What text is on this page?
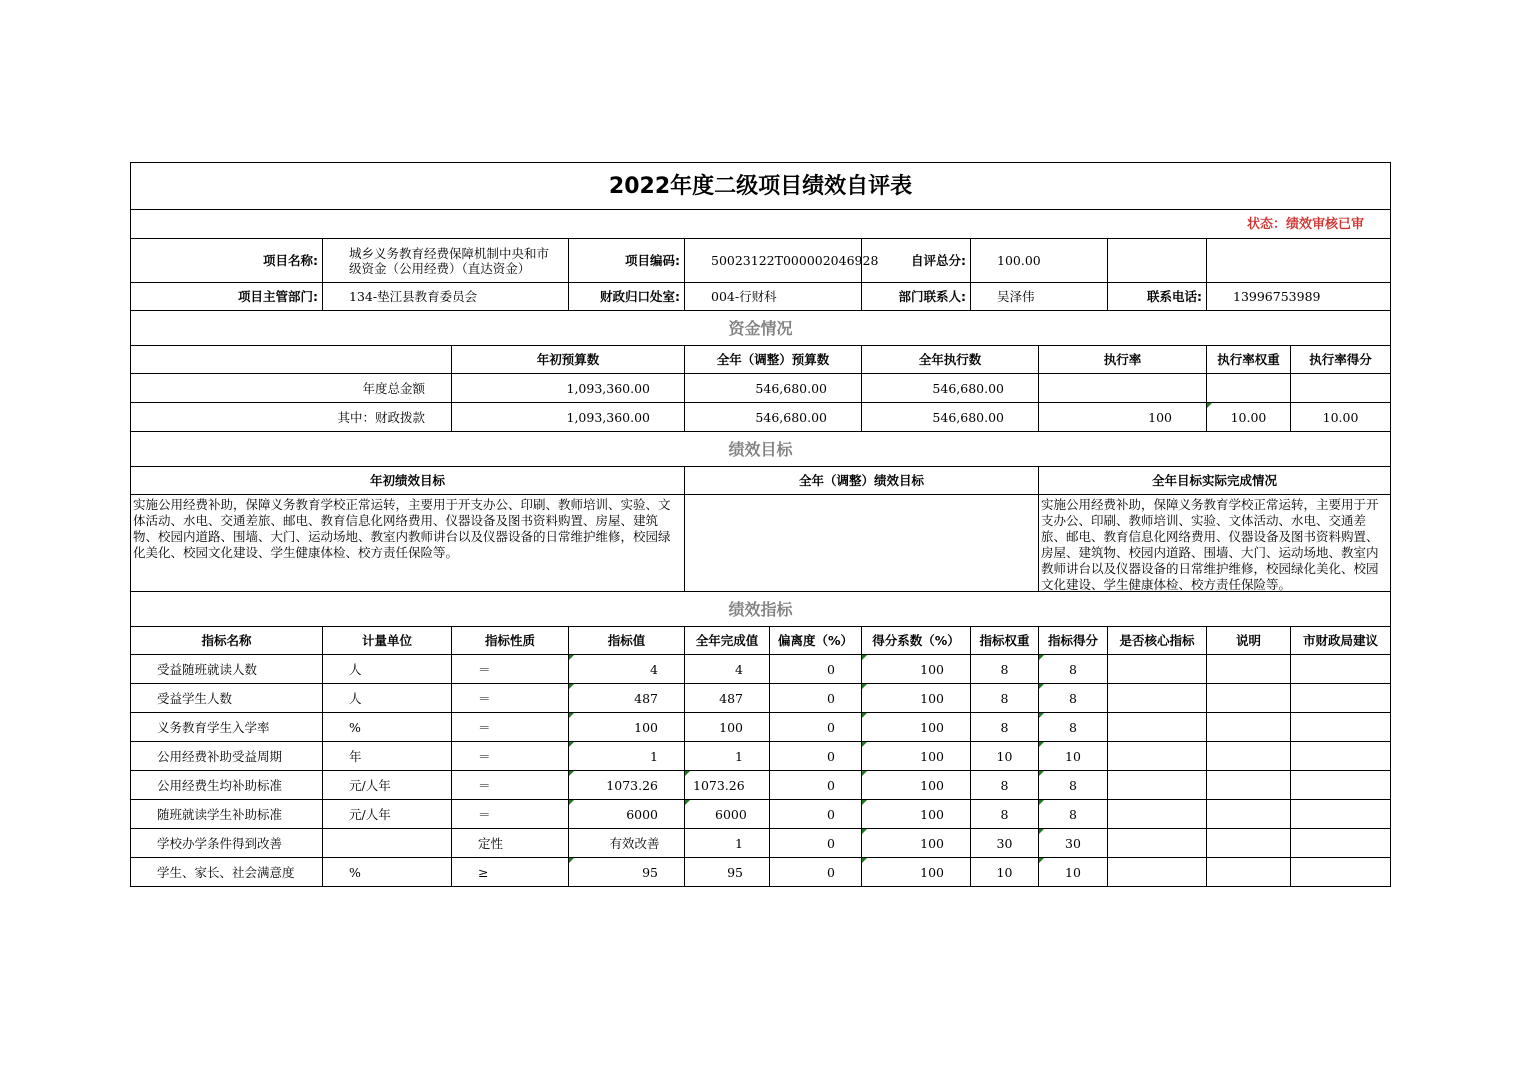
2022年度二级项目绩效自评表											
状态：绩效审核已审											
项目名称:	城乡义务教育经费保障机制中央和市级资金（公用经费）（直达资金）		项目编码:	50023122T000002046928		自评总分:	100.00				
项目主管部门:	134-垫江县教育委员会		财政归口处室:	004-行财科		部门联系人:	吴泽伟		联系电话:	13996753989	
资金情况											
		年初预算数		全年（调整）预算数		全年执行数		执行率		执行率权重	执行率得分
年度总金额		1,093,360.00		546,680.00		546,680.00					
其中：财政拨款		1,093,360.00		546,680.00		546,680.00		100		10.00	10.00
绩效目标											
年初绩效目标				全年（调整）绩效目标				全年目标实际完成情况			

实施公用经费补助，保障义务教育学校正常运转，主要用于开支办公、印刷、教师培训、实验、文体活动、水电、交通差旅、邮电、教育信息化网络费用、仪器设备及图书资料购置、房屋、建筑物、校园内道路、围墙、大门、运动场地、教室内教师讲台以及仪器设备的日常维护维修，校园绿化美化、校园文化建设、学生健康体检、校方责任保险等。								实施公用经费补助，保障义务教育学校正常运转，主要用于开支办公、印刷、教师培训、实验、文体活动、水电、交通差旅、邮电、教育信息化网络费用、仪器设备及图书资料购置、房屋、建筑物、校园内道路、围墙、大门、运动场地、教室内教师讲台以及仪器设备的日常维护维修，校园绿化美化、校园文化建设、学生健康体检、校方责任保险等。			

绩效指标											
指标名称	计量单位	指标性质	指标值	全年完成值	偏离度（%）	得分系数（%）	指标权重	指标得分	是否核心指标	说明	市财政局建议
受益随班就读人数	人	＝	4	4	0	100	8	8			
受益学生人数	人	＝	487	487	0	100	8	8			
义务教育学生入学率	%	＝	100	100	0	100	8	8			
公用经费补助受益周期	年	＝	1	1	0	100	10	10			
公用经费生均补助标准	元/人年	＝	1073.26	1073.26	0	100	8	8			
随班就读学生补助标准	元/人年	＝	6000	6000	0	100	8	8			
学校办学条件得到改善		定性	有效改善	1	0	100	30	30			
学生、家长、社会满意度	%	≥	95	95	0	100	10	10			
